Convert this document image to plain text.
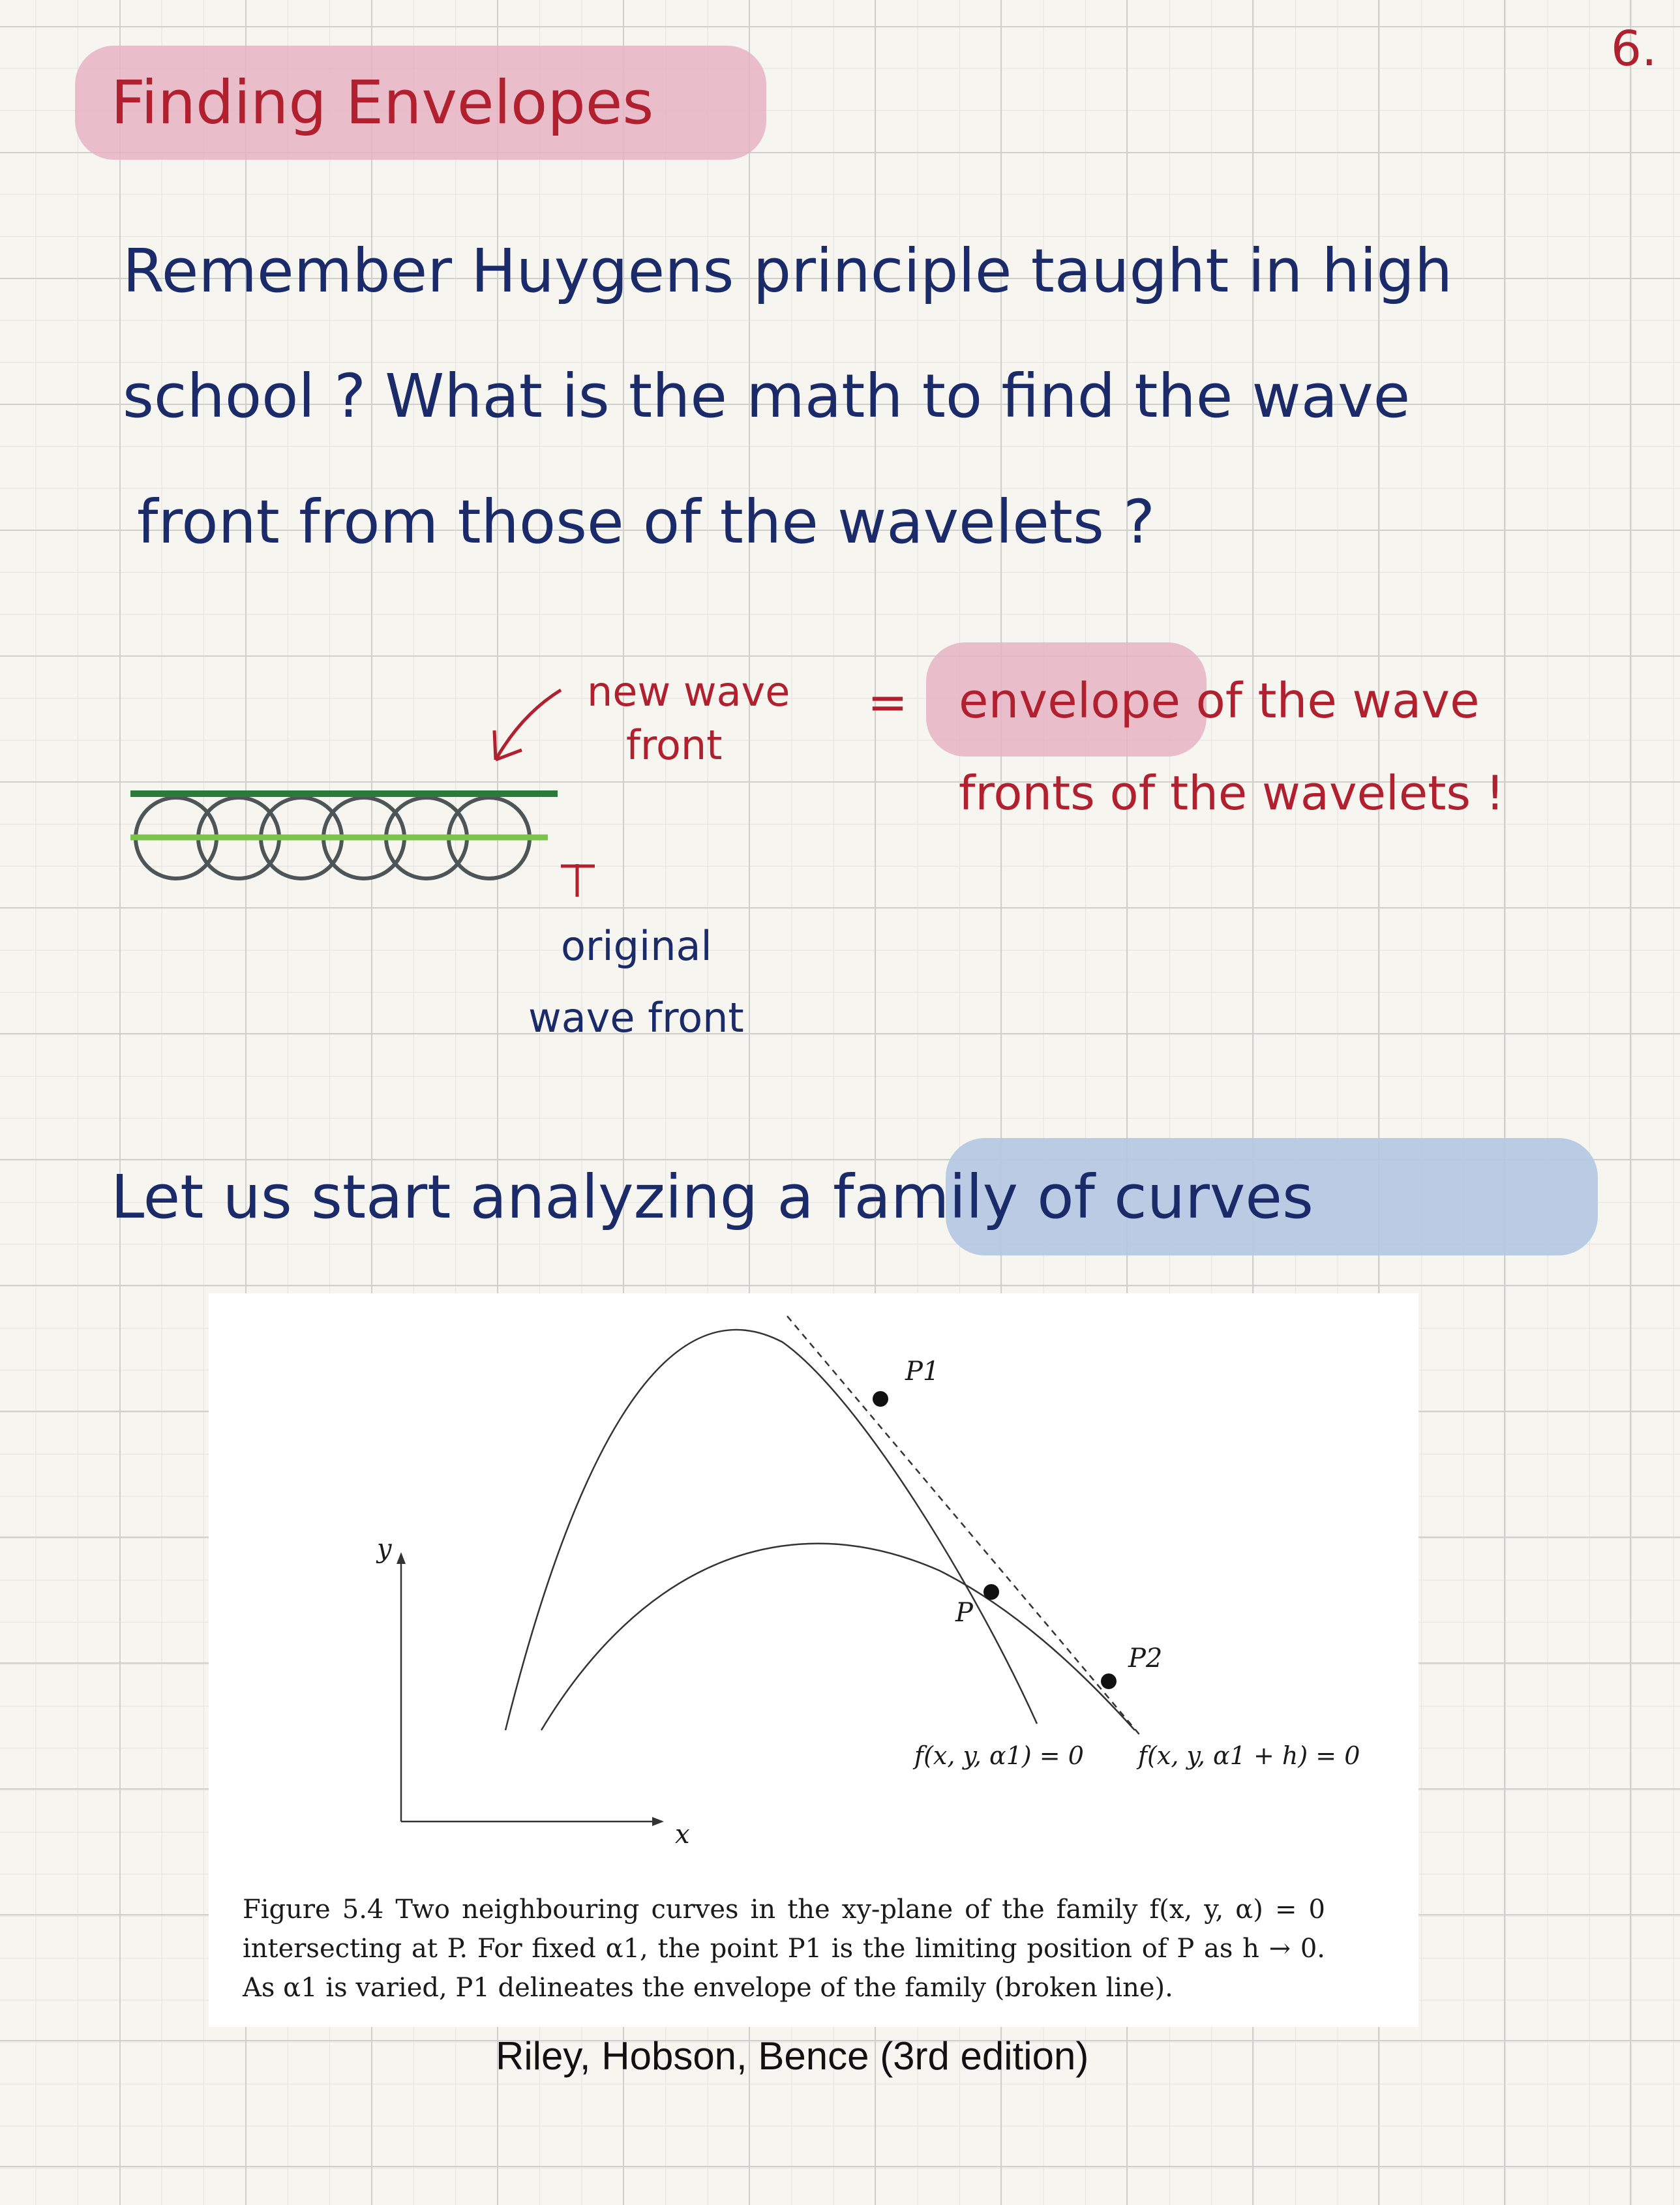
6.
Finding Envelopes
Remember Huygens principle taught in high
school ? What is the math to find the wave
front from those of the wavelets ?
new wave
front
= envelope of the wave
fronts of the wavelets !
original
wave front
Let us start analyzing a family of curves
y
x
P1
P
P2
f(x, y, α1) = 0 f(x, y, α1 + h) = 0
Figure 5.4 Two neighbouring curves in the xy-plane of the family f(x, y, α) = 0 intersecting at P. For fixed α1, the point P1 is the limiting position of P as h → 0. As α1 is varied, P1 delineates the envelope of the family (broken line).
Riley, Hobson, Bence (3rd edition)
